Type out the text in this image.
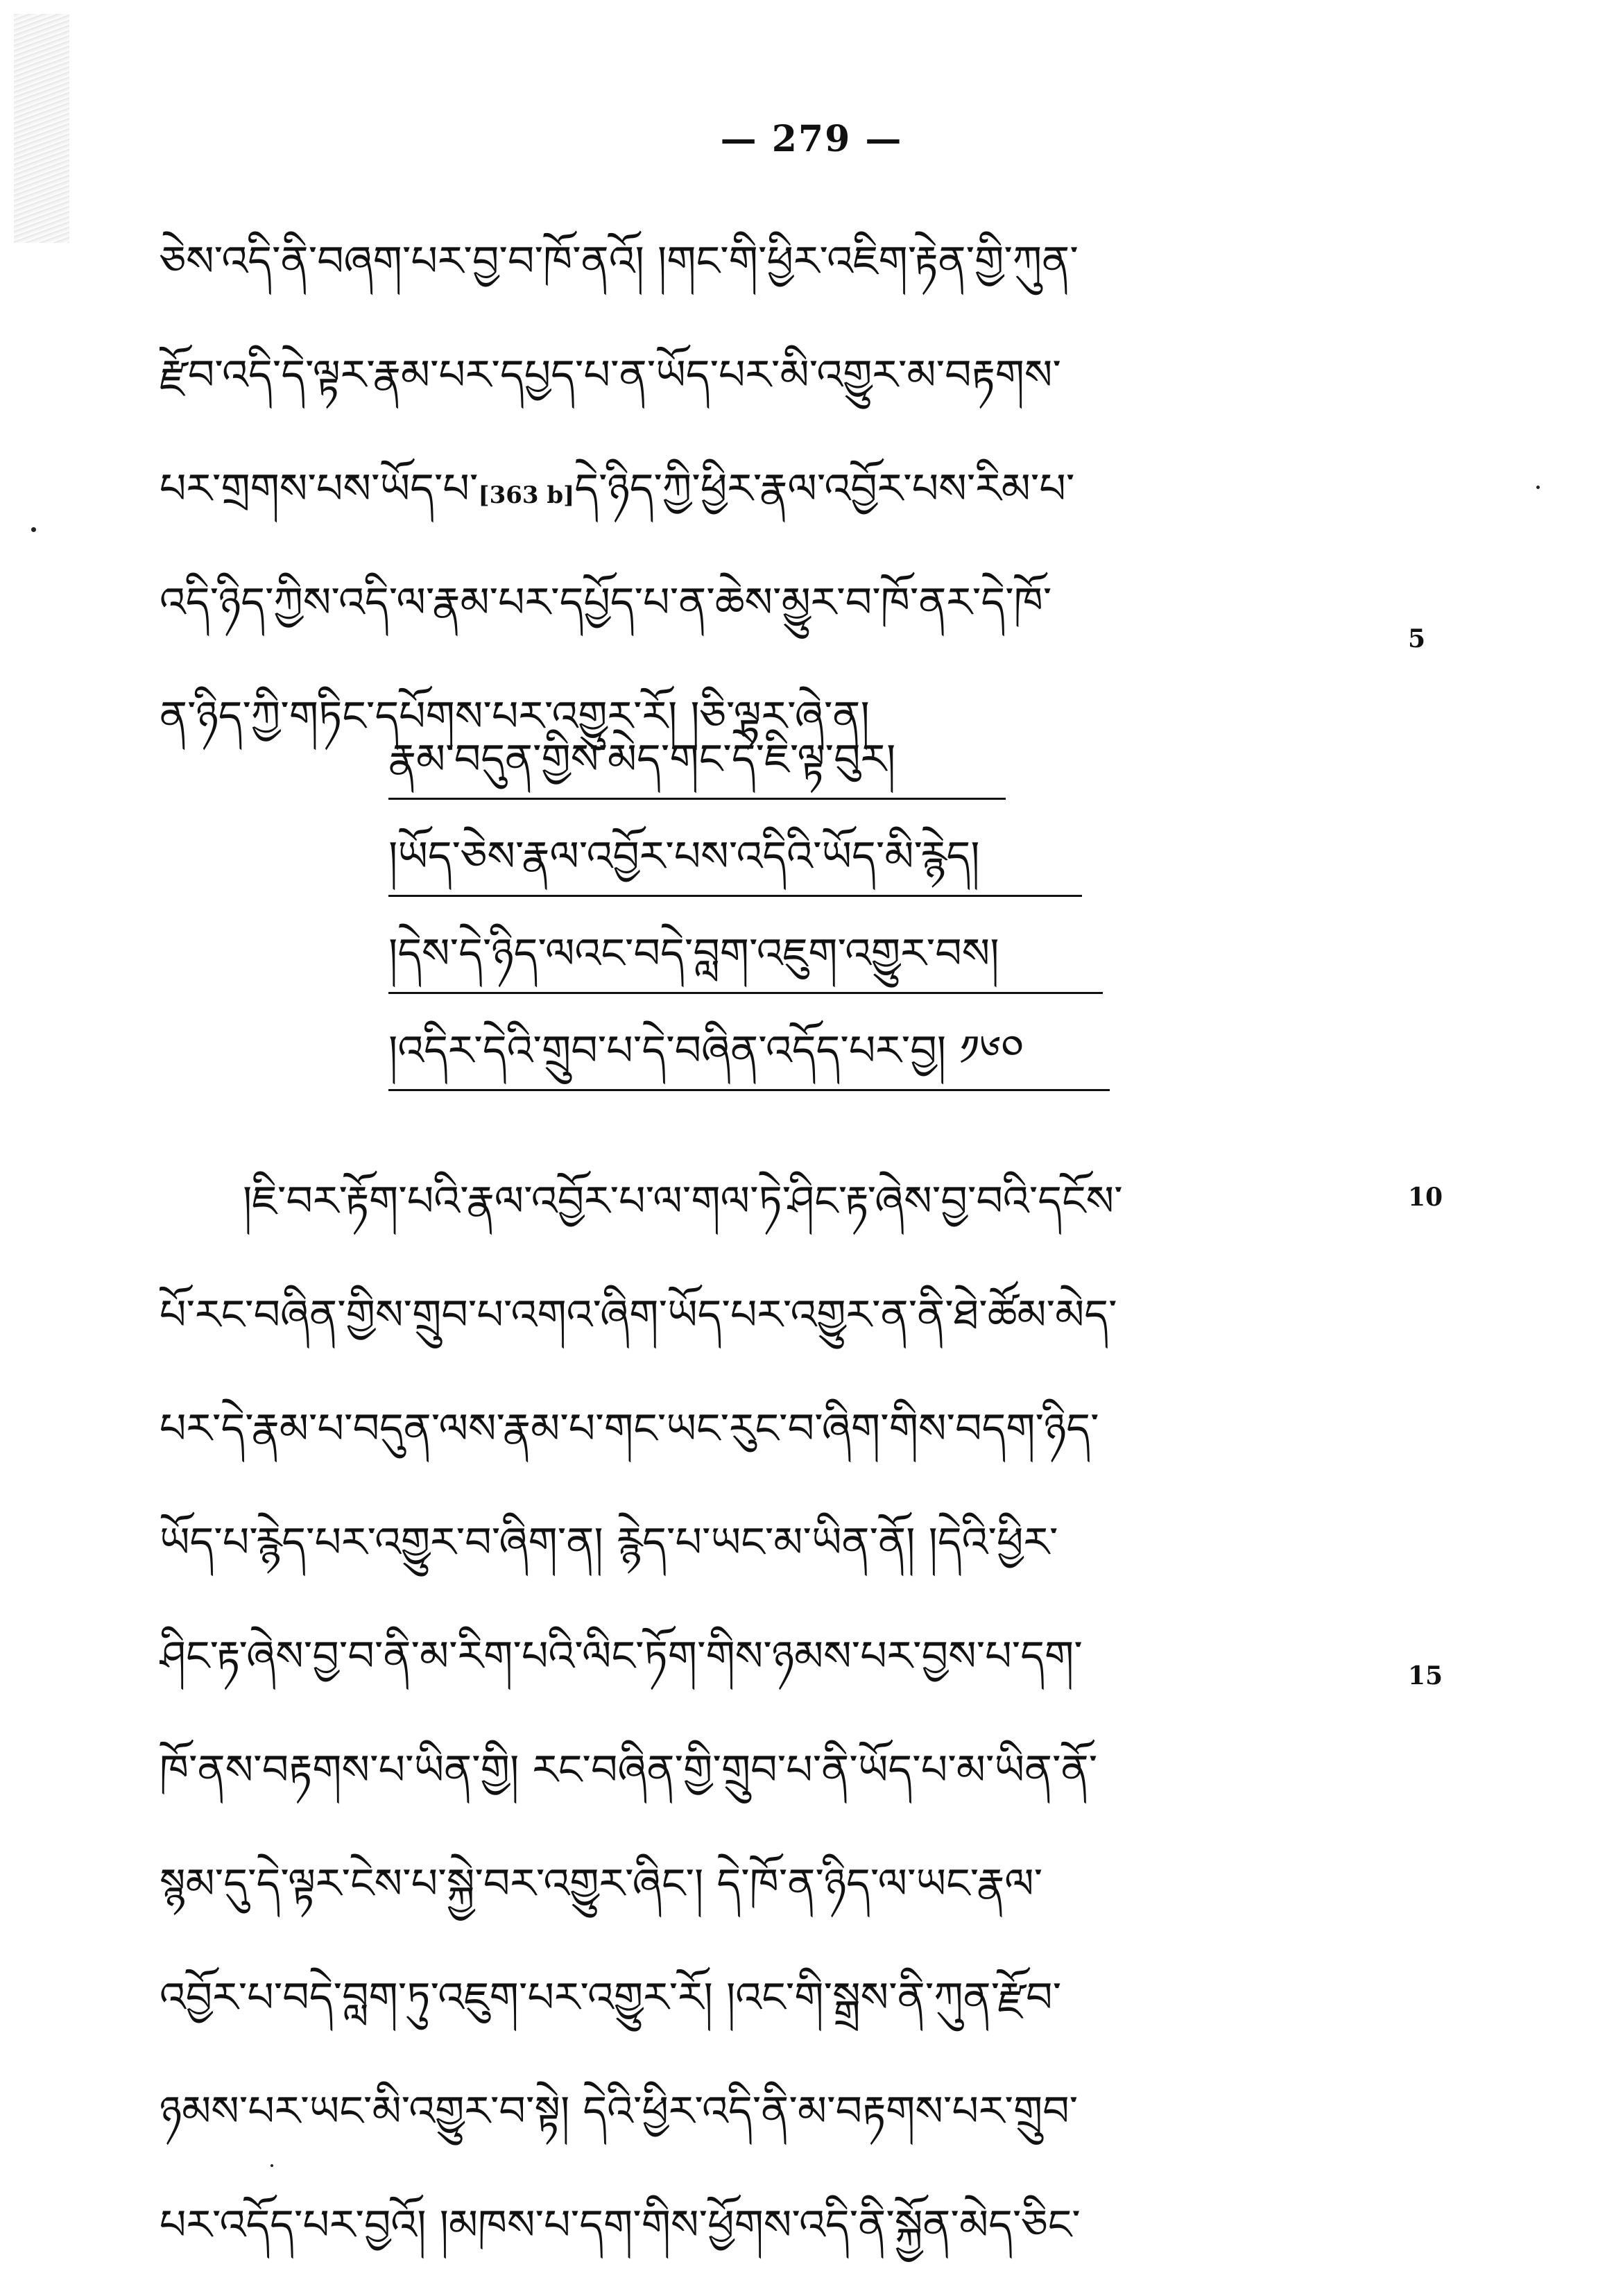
— 279 —
ཅེས་འདི་ནི་བཞག་པར་བྱ་བ་ཁོ་ནའོ། །གང་གི་ཕྱིར་འཇིག་རྟེན་གྱི་ཀུན་
རྫོབ་འདི་དེ་ལྟར་རྣམ་པར་དཔྱད་པ་ན་ཡོད་པར་མི་འགྱུར་མ་བརྟགས་
པར་གྲགས་པས་ཡོད་པ་[363 b]དེ་ཉིད་ཀྱི་ཕྱིར་རྣལ་འབྱོར་པས་རིམ་པ་
འདི་ཉིད་ཀྱིས་འདི་ལ་རྣམ་པར་དཔྱོད་པ་ན་ཆེས་མྱུར་བ་ཁོ་ནར་དེ་ཁོ་
ན་ཉིད་ཀྱི་གཏིང་དཔོགས་པར་འགྱུར་རོ། །ཅི་ལྟར་ཞེ་ན།
5
རྣམ་བདུན་གྱིས་མེད་གང་དེ་ཇི་ལྟ་བུར།
།ཡོད་ཅེས་རྣལ་འབྱོར་པས་འདིའི་ཡོད་མི་རྙེད།
།དེས་དེ་ཉིད་ལའང་བདེ་བླག་འཇུག་འགྱུར་བས།
།འདིར་དེའི་གྲུབ་པ་དེ་བཞིན་འདོད་པར་བྱ། ༡༦༠
།ཇི་བར་རྟོག་པའི་རྣལ་འབྱོར་པ་ལ་གལ་ཏེ་ཤིང་རྟ་ཞེས་བྱ་བའི་དངོས་
པོ་རང་བཞིན་གྱིས་གྲུབ་པ་འགའ་ཞིག་ཡོད་པར་འགྱུར་ན་ནི་ཐེ་ཚོམ་མེད་
པར་དེ་རྣམ་པ་བདུན་ལས་རྣམ་པ་གང་ཡང་རུང་བ་ཞིག་གིས་བདག་ཉིད་
ཡོད་པ་རྙེད་པར་འགྱུར་བ་ཞིག་ན། རྙེད་པ་ཡང་མ་ཡིན་ནོ། །དེའི་ཕྱིར་
ཤིང་རྟ་ཞེས་བྱ་བ་ནི་མ་རིག་པའི་ལིང་ཏོག་གིས་ཉམས་པར་བྱས་པ་དག་
ཁོ་ནས་བརྟགས་པ་ཡིན་གྱི། རང་བཞིན་གྱི་གྲུབ་པ་ནི་ཡོད་པ་མ་ཡིན་ནོ་
སྙམ་དུ་དེ་ལྟར་ངེས་པ་སྐྱེ་བར་འགྱུར་ཞིང་། དེ་ཁོ་ན་ཉིད་ལ་ཡང་རྣལ་
འབྱོར་པ་བདེ་བླག་ཏུ་འཇུག་པར་འགྱུར་རོ། །འང་གི་སྒྲས་ནི་ཀུན་རྫོབ་
ཉམས་པར་ཡང་མི་འགྱུར་བ་སྟེ། དེའི་ཕྱིར་འདི་ནི་མ་བརྟགས་པར་གྲུབ་
པར་འདོད་པར་བྱའོ། །མཁས་པ་དག་གིས་ཕྱོགས་འདི་ནི་སྐྱོན་མེད་ཅིང་
10
15
